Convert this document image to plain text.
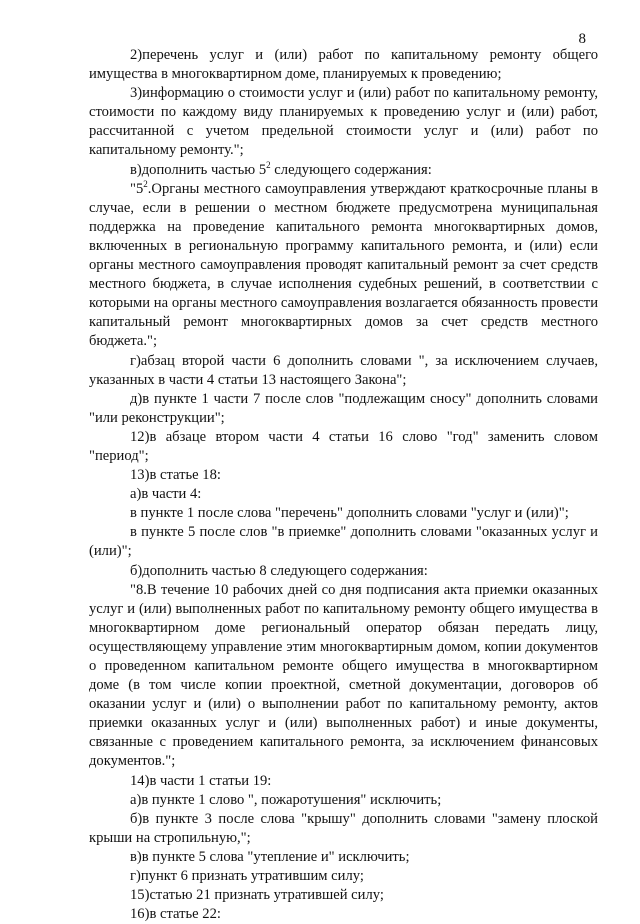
8

2)перечень услуг и (или) работ по капитальному ремонту общего имущества в многоквартирном доме, планируемых к проведению;

3)информацию о стоимости услуг и (или) работ по капитальному ремонту, стоимости по каждому виду планируемых к проведению услуг и (или) работ, рассчитанной с учетом предельной стоимости услуг и (или) работ по капитальному ремонту.";

в)дополнить частью $5^2$ следующего содержания:

"$5^2.Органы$ местного самоуправления утверждают краткосрочные планы в случае, если в решении о местном бюджете предусмотрена муниципальная поддержка на проведение капитального ремонта многоквартирных домов, включенных в региональную программу капитального ремонта, и (или) если органы местного самоуправления проводят капитальный ремонт за счет средств местного бюджета, в случае исполнения судебных решений, в соответствии с которыми на органы местного самоуправления возлагается обязанность провести капитальный ремонт многоквартирных домов за счет средств местного бюджета.";

г)абзац второй части 6 дополнить словами ", за исключением случаев, указанных в части 4 статьи 13 настоящего Закона";

д)в пункте 1 части 7 после слов "подлежащим сносу" дополнить словами "или реконструкции";

12)в абзаце втором части 4 статьи 16 слово "год" заменить словом "период";

13)в статье 18:

а)в части 4:

в пункте 1 после слова "перечень" дополнить словами "услуг и (или)";

в пункте 5 после слов "в приемке" дополнить словами "оказанных услуг и (или)";

б)дополнить частью 8 следующего содержания:

"8.В течение 10 рабочих дней со дня подписания акта приемки оказанных услуг и (или) выполненных работ по капитальному ремонту общего имущества в многоквартирном доме региональный оператор обязан передать лицу, осуществляющему управление этим многоквартирным домом, копии документов о проведенном капитальном ремонте общего имущества в многоквартирном доме (в том числе копии проектной, сметной документации, договоров об оказании услуг и (или) о выполнении работ по капитальному ремонту, актов приемки оказанных услуг и (или) выполненных работ) и иные документы, связанные с проведением капитального ремонта, за исключением финансовых документов.";

14)в части 1 статьи 19:

а)в пункте 1 слово ", пожаротушения" исключить;

б)в пункте 3 после слова "крышу" дополнить словами "замену плоской крыши на стропильную,";

в)в пункте 5 слова "утепление и" исключить;

г)пункт 6 признать утратившим силу;

15)статью 21 признать утратившей силу;

16)в статье 22:
